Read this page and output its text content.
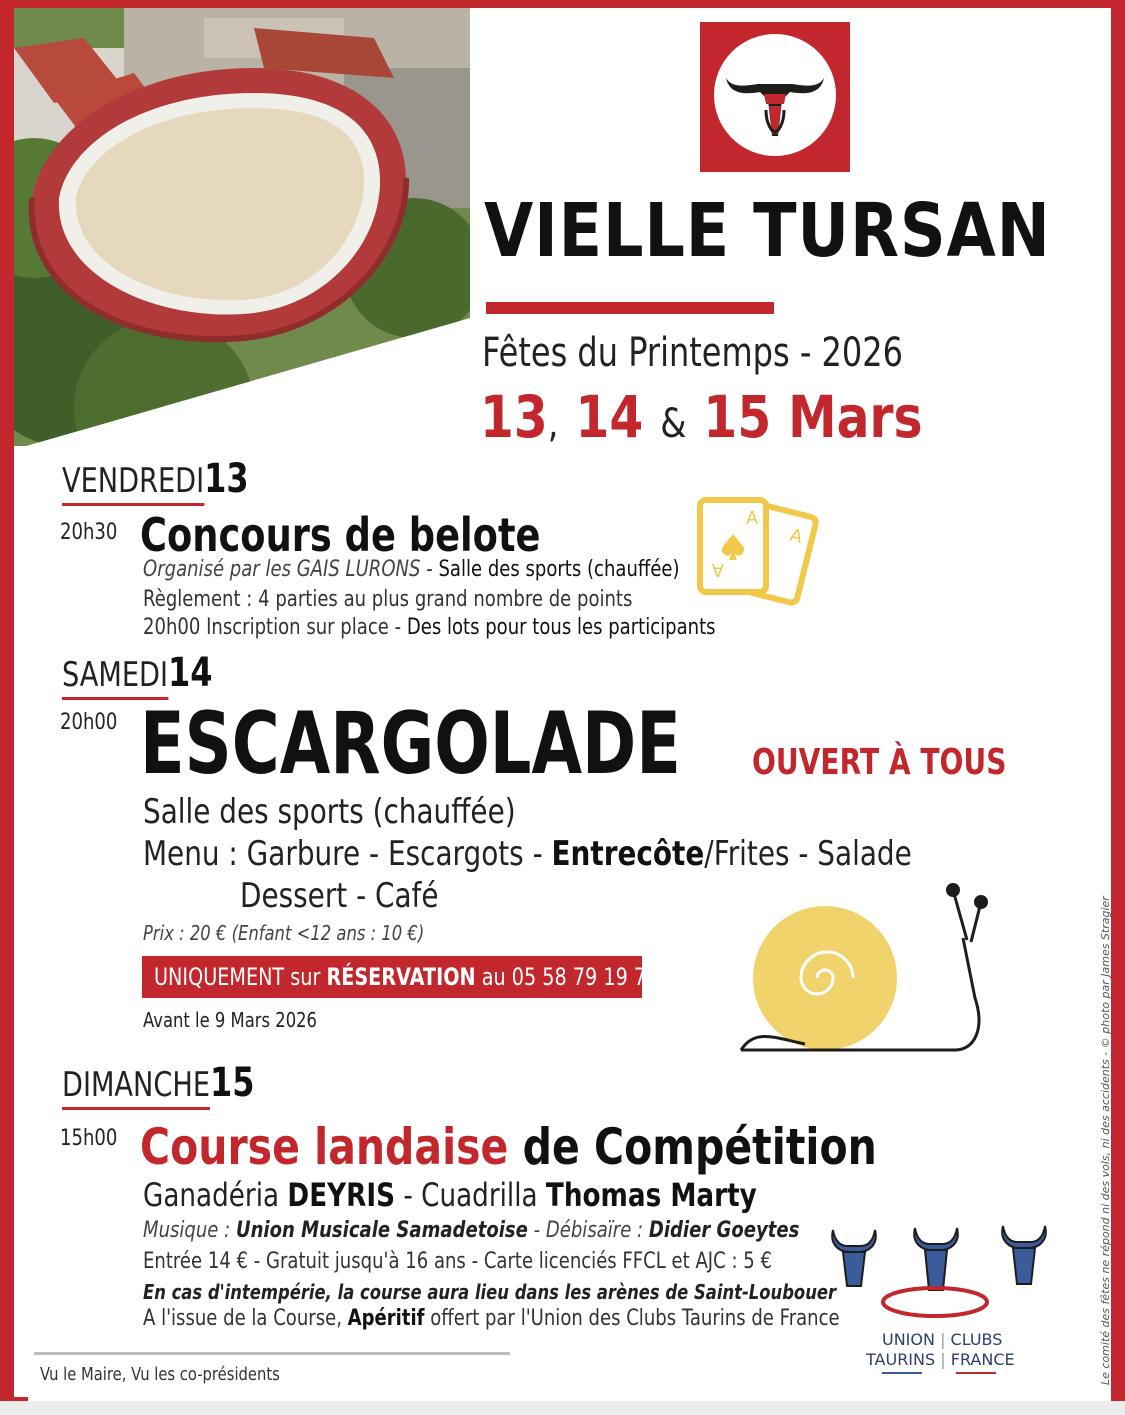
VIELLE TURSAN
Fêtes du Printemps - 2026
13, 14 & 15 Mars
VENDREDI13
20h30 Concours de belote
Organisé par les GAIS LURONS - Salle des sports (chauffée)
Règlement : 4 parties au plus grand nombre de points
20h00 Inscription sur place - Des lots pour tous les participants
A
A
A
SAMEDI14
20h00 ESCARGOLADE OUVERT À TOUS
Salle des sports (chauffée)
Menu : Garbure - Escargots - Entrecôte/Frites - Salade
Dessert - Café
Prix : 20 € (Enfant <12 ans : 10 €)
UNIQUEMENT sur RÉSERVATION au 05 58 79 19 71
Avant le 9 Mars 2026
DIMANCHE15
15h00 Course landaise de Compétition
Ganadéria DEYRIS - Cuadrilla Thomas Marty
Musique : Union Musicale Samadetoise - Débisaïre : Didier Goeytes
Entrée 14 € - Gratuit jusqu'à 16 ans - Carte licenciés FFCL et AJC : 5 €
En cas d'intempérie, la course aura lieu dans les arènes de Saint-Loubouer
A l'issue de la Course, Apéritif offert par l'Union des Clubs Taurins de France
UNION | CLUBS
TAURINS | FRANCE
Vu le Maire, Vu les co-présidents	Le comité des fêtes ne répond ni des vols, ni des accidents - © photo par James Stragier
